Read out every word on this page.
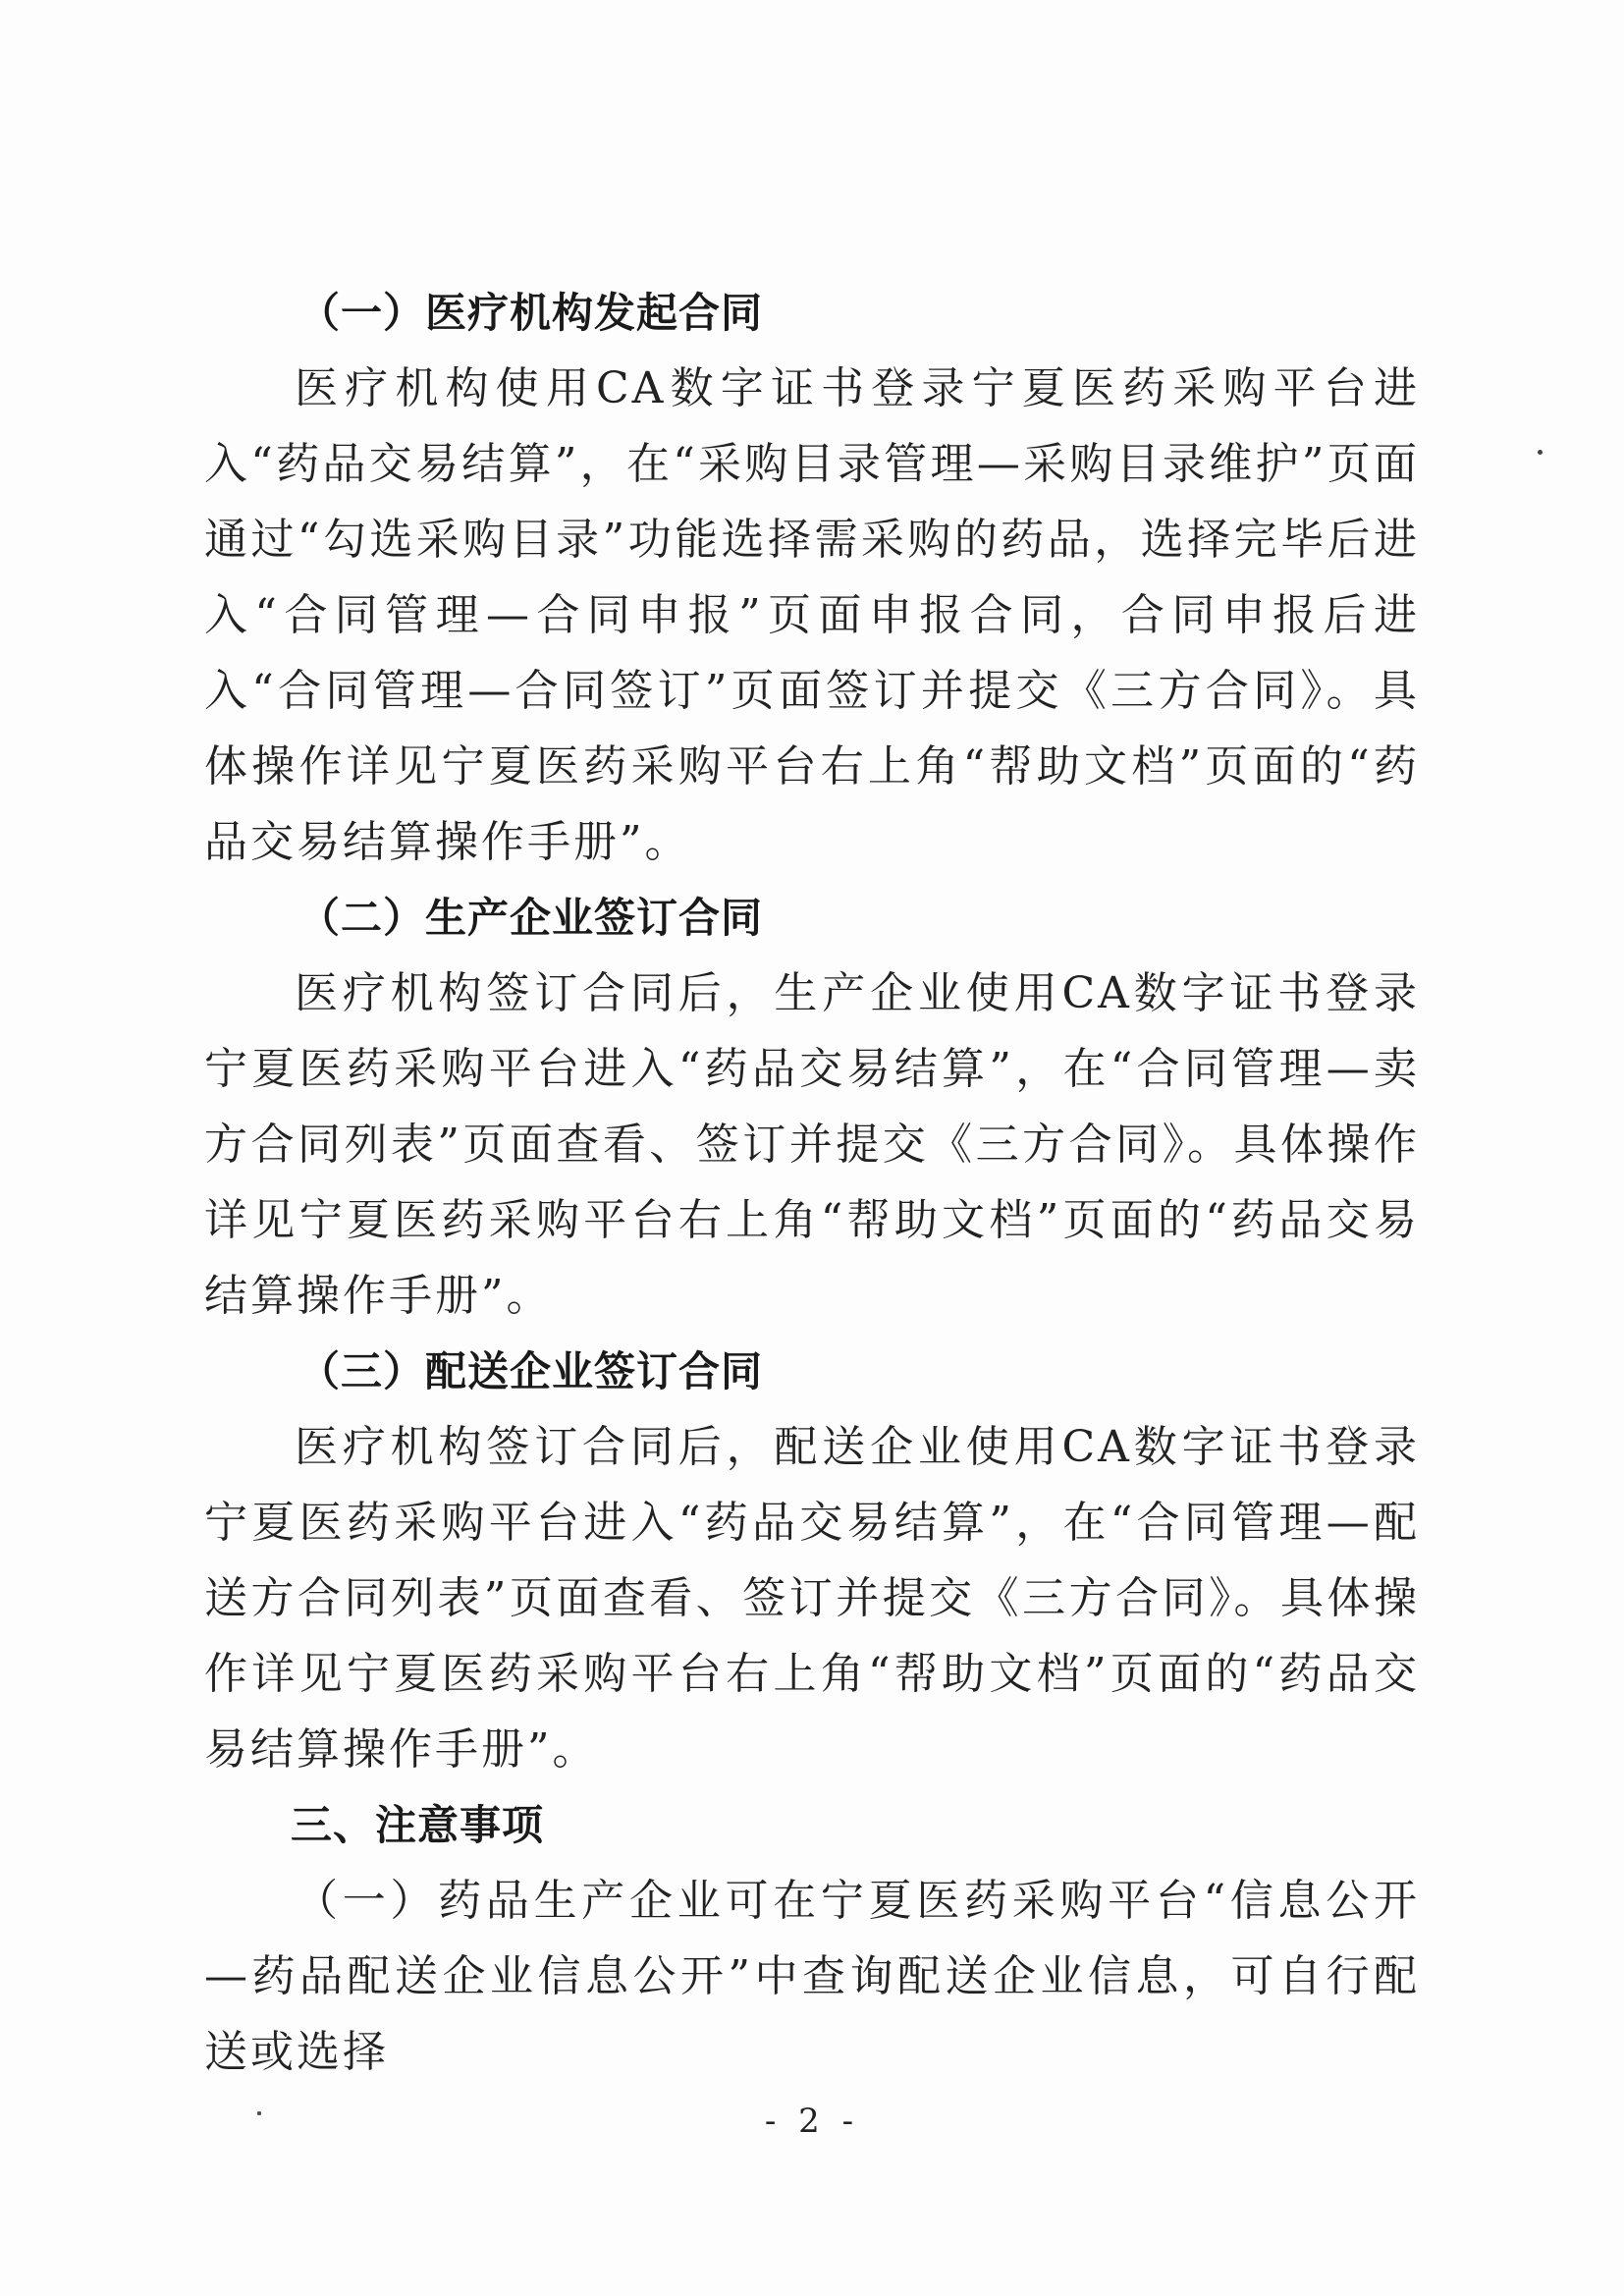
（一）医疗机构发起合同

医疗机构使用CA数字证书登录宁夏医药采购平台进入“药品交易结算”，在“采购目录管理—采购目录维护”页面通过“勾选采购目录”功能选择需采购的药品，选择完毕后进入“合同管理—合同申报”页面申报合同，合同申报后进入“合同管理—合同签订”页面签订并提交《三方合同》。具体操作详见宁夏医药采购平台右上角“帮助文档”页面的“药品交易结算操作手册”。

（二）生产企业签订合同

医疗机构签订合同后，生产企业使用CA数字证书登录宁夏医药采购平台进入“药品交易结算”，在“合同管理—卖方合同列表”页面查看、签订并提交《三方合同》。具体操作详见宁夏医药采购平台右上角“帮助文档”页面的“药品交易结算操作手册”。

（三）配送企业签订合同

医疗机构签订合同后，配送企业使用CA数字证书登录宁夏医药采购平台进入“药品交易结算”，在“合同管理—配送方合同列表”页面查看、签订并提交《三方合同》。具体操作详见宁夏医药采购平台右上角“帮助文档”页面的“药品交易结算操作手册”。

三、注意事项

（一）药品生产企业可在宁夏医药采购平台“信息公开—药品配送企业信息公开”中查询配送企业信息，可自行配送或选择

- 2 -
